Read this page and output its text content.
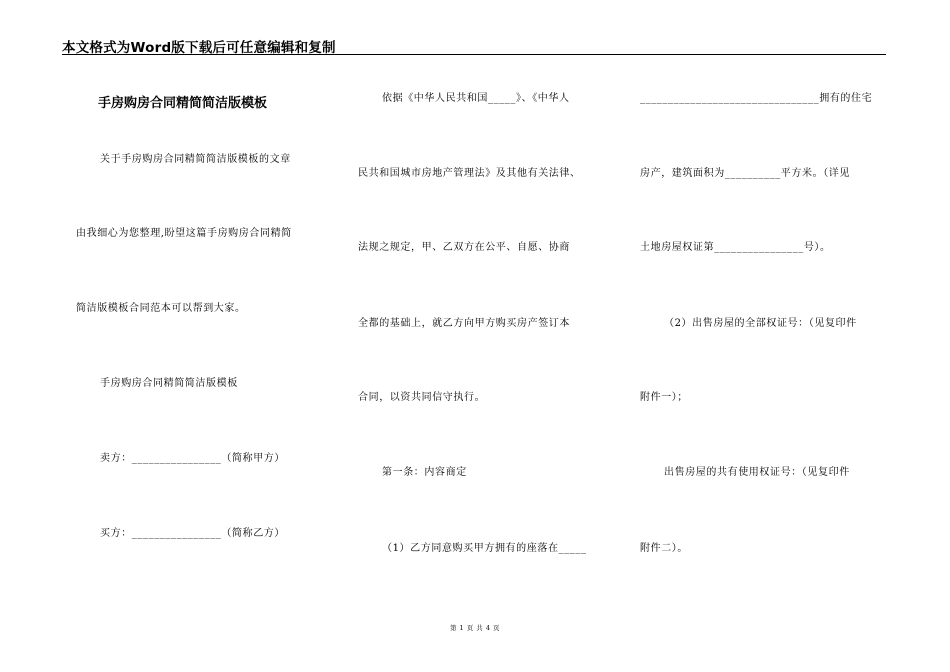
本文格式为Word版下载后可任意编辑和复制
手房购房合同精简简洁版模板
关于手房购房合同精简简洁版模板的文章
由我细心为您整理,盼望这篇手房购房合同精简
简洁版模板合同范本可以帮到大家。
手房购房合同精简简洁版模板
卖方：________________（简称甲方）
买方：________________（简称乙方）
依据《中华人民共和国_____》、《中华人
民共和国城市房地产管理法》及其他有关法律、
法规之规定，甲、乙双方在公平、自愿、协商
全都的基础上，就乙方向甲方购买房产签订本
合同，以资共同信守执行。
第一条：内容商定
（1）乙方同意购买甲方拥有的座落在_____
________________________________拥有的住宅
房产，建筑面积为__________平方米。（详见
土地房屋权证第________________号）。
（2）出售房屋的全部权证号：（见复印件
附件一）；
出售房屋的共有使用权证号：（见复印件
附件二）。
第 1 页 共 4 页
